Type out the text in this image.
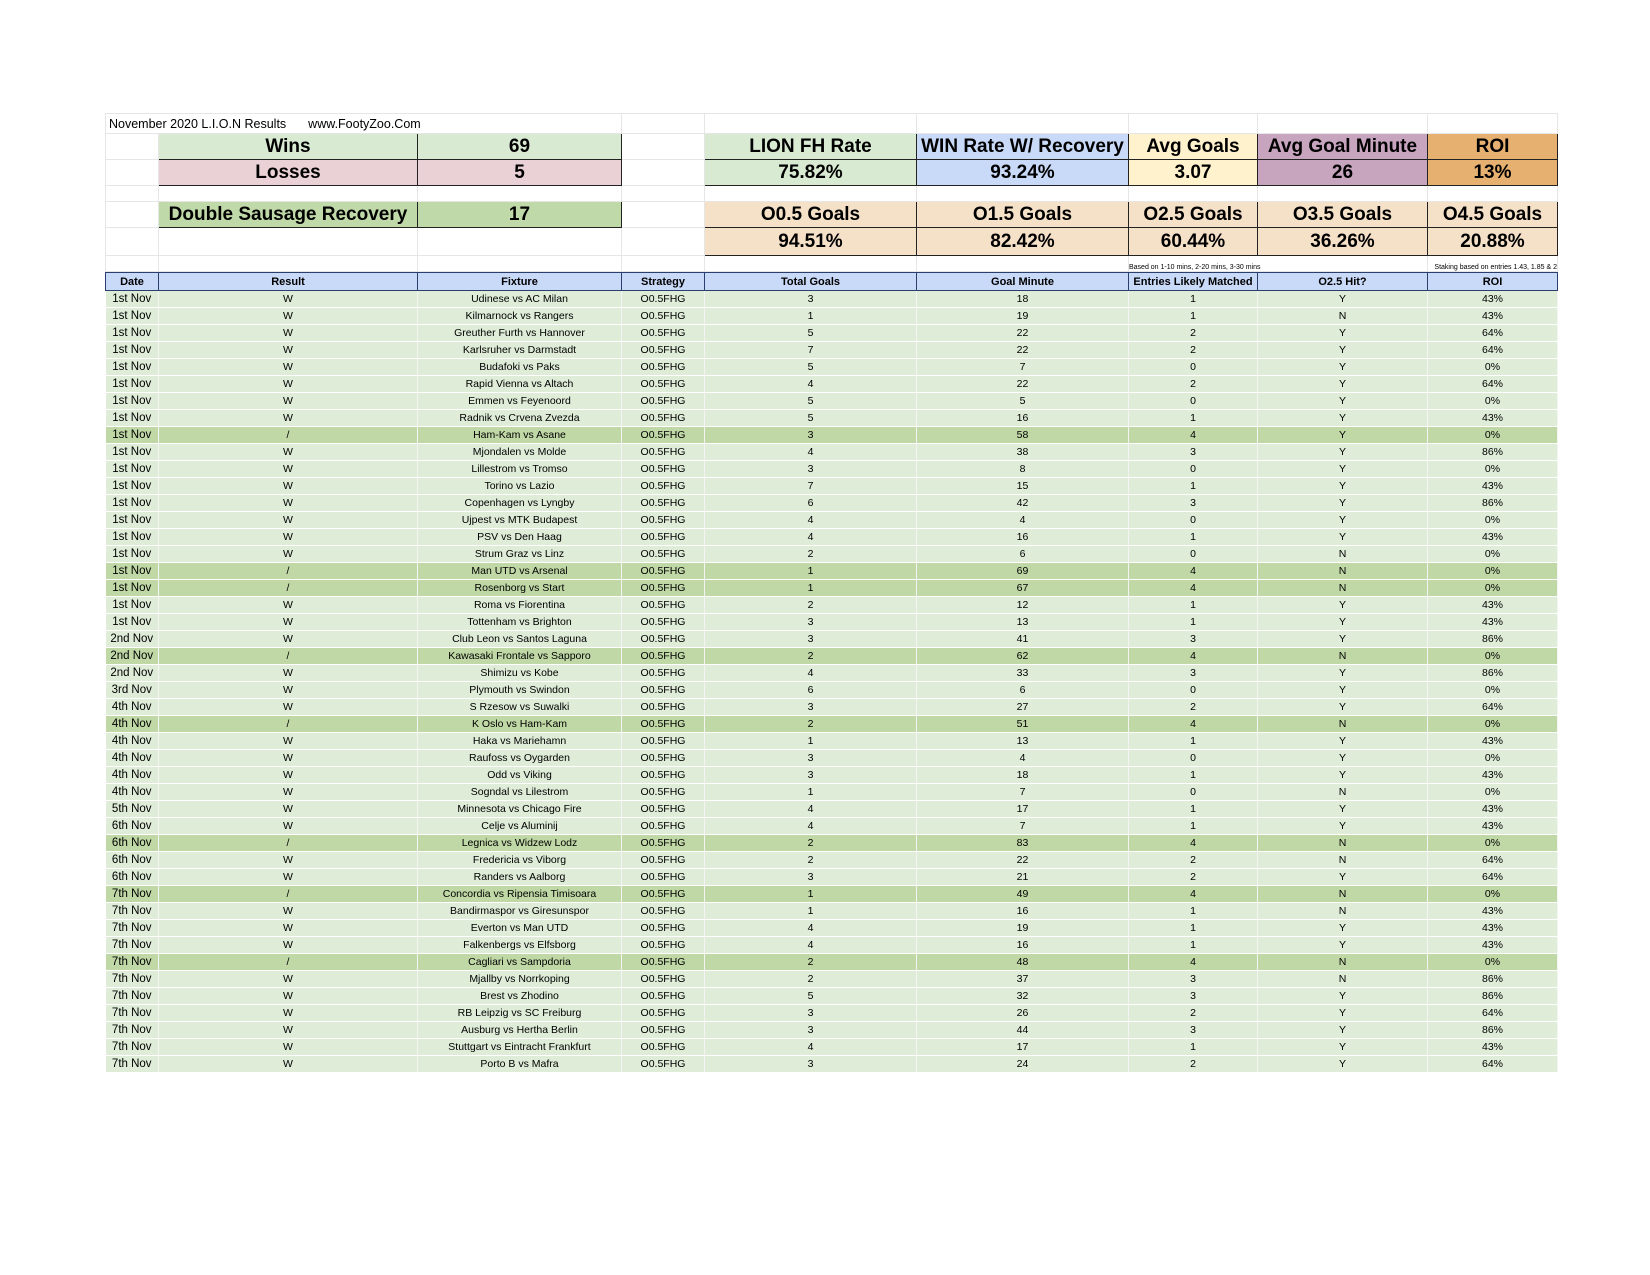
November 2020 L.I.O.N Results www.FootyZoo.Com								
	Wins	69		LION FH Rate	WIN Rate W/ Recovery	Avg Goals	Avg Goal Minute	ROI
	Losses	5		75.82%	93.24%	3.07	26	13%

	Double Sausage Recovery	17		O0.5 Goals	O1.5 Goals	O2.5 Goals	O3.5 Goals	O4.5 Goals
				94.51%	82.42%	60.44%	36.26%	20.88%
						Based on 1-10 mins, 2-20 mins, 3-30 mins		Staking based on entries 1.43, 1.85 & 2
Date	Result	Fixture	Strategy	Total Goals	Goal Minute	Entries Likely Matched	O2.5 Hit?	ROI
1st Nov	W	Udinese vs AC Milan	O0.5FHG	3	18	1	Y	43%
1st Nov	W	Kilmarnock vs Rangers	O0.5FHG	1	19	1	N	43%
1st Nov	W	Greuther Furth vs Hannover	O0.5FHG	5	22	2	Y	64%
1st Nov	W	Karlsruher vs Darmstadt	O0.5FHG	7	22	2	Y	64%
1st Nov	W	Budafoki vs Paks	O0.5FHG	5	7	0	Y	0%
1st Nov	W	Rapid Vienna vs Altach	O0.5FHG	4	22	2	Y	64%
1st Nov	W	Emmen vs Feyenoord	O0.5FHG	5	5	0	Y	0%
1st Nov	W	Radnik vs Crvena Zvezda	O0.5FHG	5	16	1	Y	43%
1st Nov	/	Ham-Kam vs Asane	O0.5FHG	3	58	4	Y	0%
1st Nov	W	Mjondalen vs Molde	O0.5FHG	4	38	3	Y	86%
1st Nov	W	Lillestrom vs Tromso	O0.5FHG	3	8	0	Y	0%
1st Nov	W	Torino vs Lazio	O0.5FHG	7	15	1	Y	43%
1st Nov	W	Copenhagen vs Lyngby	O0.5FHG	6	42	3	Y	86%
1st Nov	W	Ujpest vs MTK Budapest	O0.5FHG	4	4	0	Y	0%
1st Nov	W	PSV vs Den Haag	O0.5FHG	4	16	1	Y	43%
1st Nov	W	Strum Graz vs Linz	O0.5FHG	2	6	0	N	0%
1st Nov	/	Man UTD vs Arsenal	O0.5FHG	1	69	4	N	0%
1st Nov	/	Rosenborg vs Start	O0.5FHG	1	67	4	N	0%
1st Nov	W	Roma vs Fiorentina	O0.5FHG	2	12	1	Y	43%
1st Nov	W	Tottenham vs Brighton	O0.5FHG	3	13	1	Y	43%
2nd Nov	W	Club Leon vs Santos Laguna	O0.5FHG	3	41	3	Y	86%
2nd Nov	/	Kawasaki Frontale vs Sapporo	O0.5FHG	2	62	4	N	0%
2nd Nov	W	Shimizu vs Kobe	O0.5FHG	4	33	3	Y	86%
3rd Nov	W	Plymouth vs Swindon	O0.5FHG	6	6	0	Y	0%
4th Nov	W	S Rzesow vs Suwalki	O0.5FHG	3	27	2	Y	64%
4th Nov	/	K Oslo vs Ham-Kam	O0.5FHG	2	51	4	N	0%
4th Nov	W	Haka vs Mariehamn	O0.5FHG	1	13	1	Y	43%
4th Nov	W	Raufoss vs Oygarden	O0.5FHG	3	4	0	Y	0%
4th Nov	W	Odd vs Viking	O0.5FHG	3	18	1	Y	43%
4th Nov	W	Sogndal vs Lilestrom	O0.5FHG	1	7	0	N	0%
5th Nov	W	Minnesota vs Chicago Fire	O0.5FHG	4	17	1	Y	43%
6th Nov	W	Celje vs Aluminij	O0.5FHG	4	7	1	Y	43%
6th Nov	/	Legnica vs Widzew Lodz	O0.5FHG	2	83	4	N	0%
6th Nov	W	Fredericia vs Viborg	O0.5FHG	2	22	2	N	64%
6th Nov	W	Randers vs Aalborg	O0.5FHG	3	21	2	Y	64%
7th Nov	/	Concordia vs Ripensia Timisoara	O0.5FHG	1	49	4	N	0%
7th Nov	W	Bandirmaspor vs Giresunspor	O0.5FHG	1	16	1	N	43%
7th Nov	W	Everton vs Man UTD	O0.5FHG	4	19	1	Y	43%
7th Nov	W	Falkenbergs vs Elfsborg	O0.5FHG	4	16	1	Y	43%
7th Nov	/	Cagliari vs Sampdoria	O0.5FHG	2	48	4	N	0%
7th Nov	W	Mjallby vs Norrkoping	O0.5FHG	2	37	3	N	86%
7th Nov	W	Brest vs Zhodino	O0.5FHG	5	32	3	Y	86%
7th Nov	W	RB Leipzig vs SC Freiburg	O0.5FHG	3	26	2	Y	64%
7th Nov	W	Ausburg vs Hertha Berlin	O0.5FHG	3	44	3	Y	86%
7th Nov	W	Stuttgart vs Eintracht Frankfurt	O0.5FHG	4	17	1	Y	43%
7th Nov	W	Porto B vs Mafra	O0.5FHG	3	24	2	Y	64%
